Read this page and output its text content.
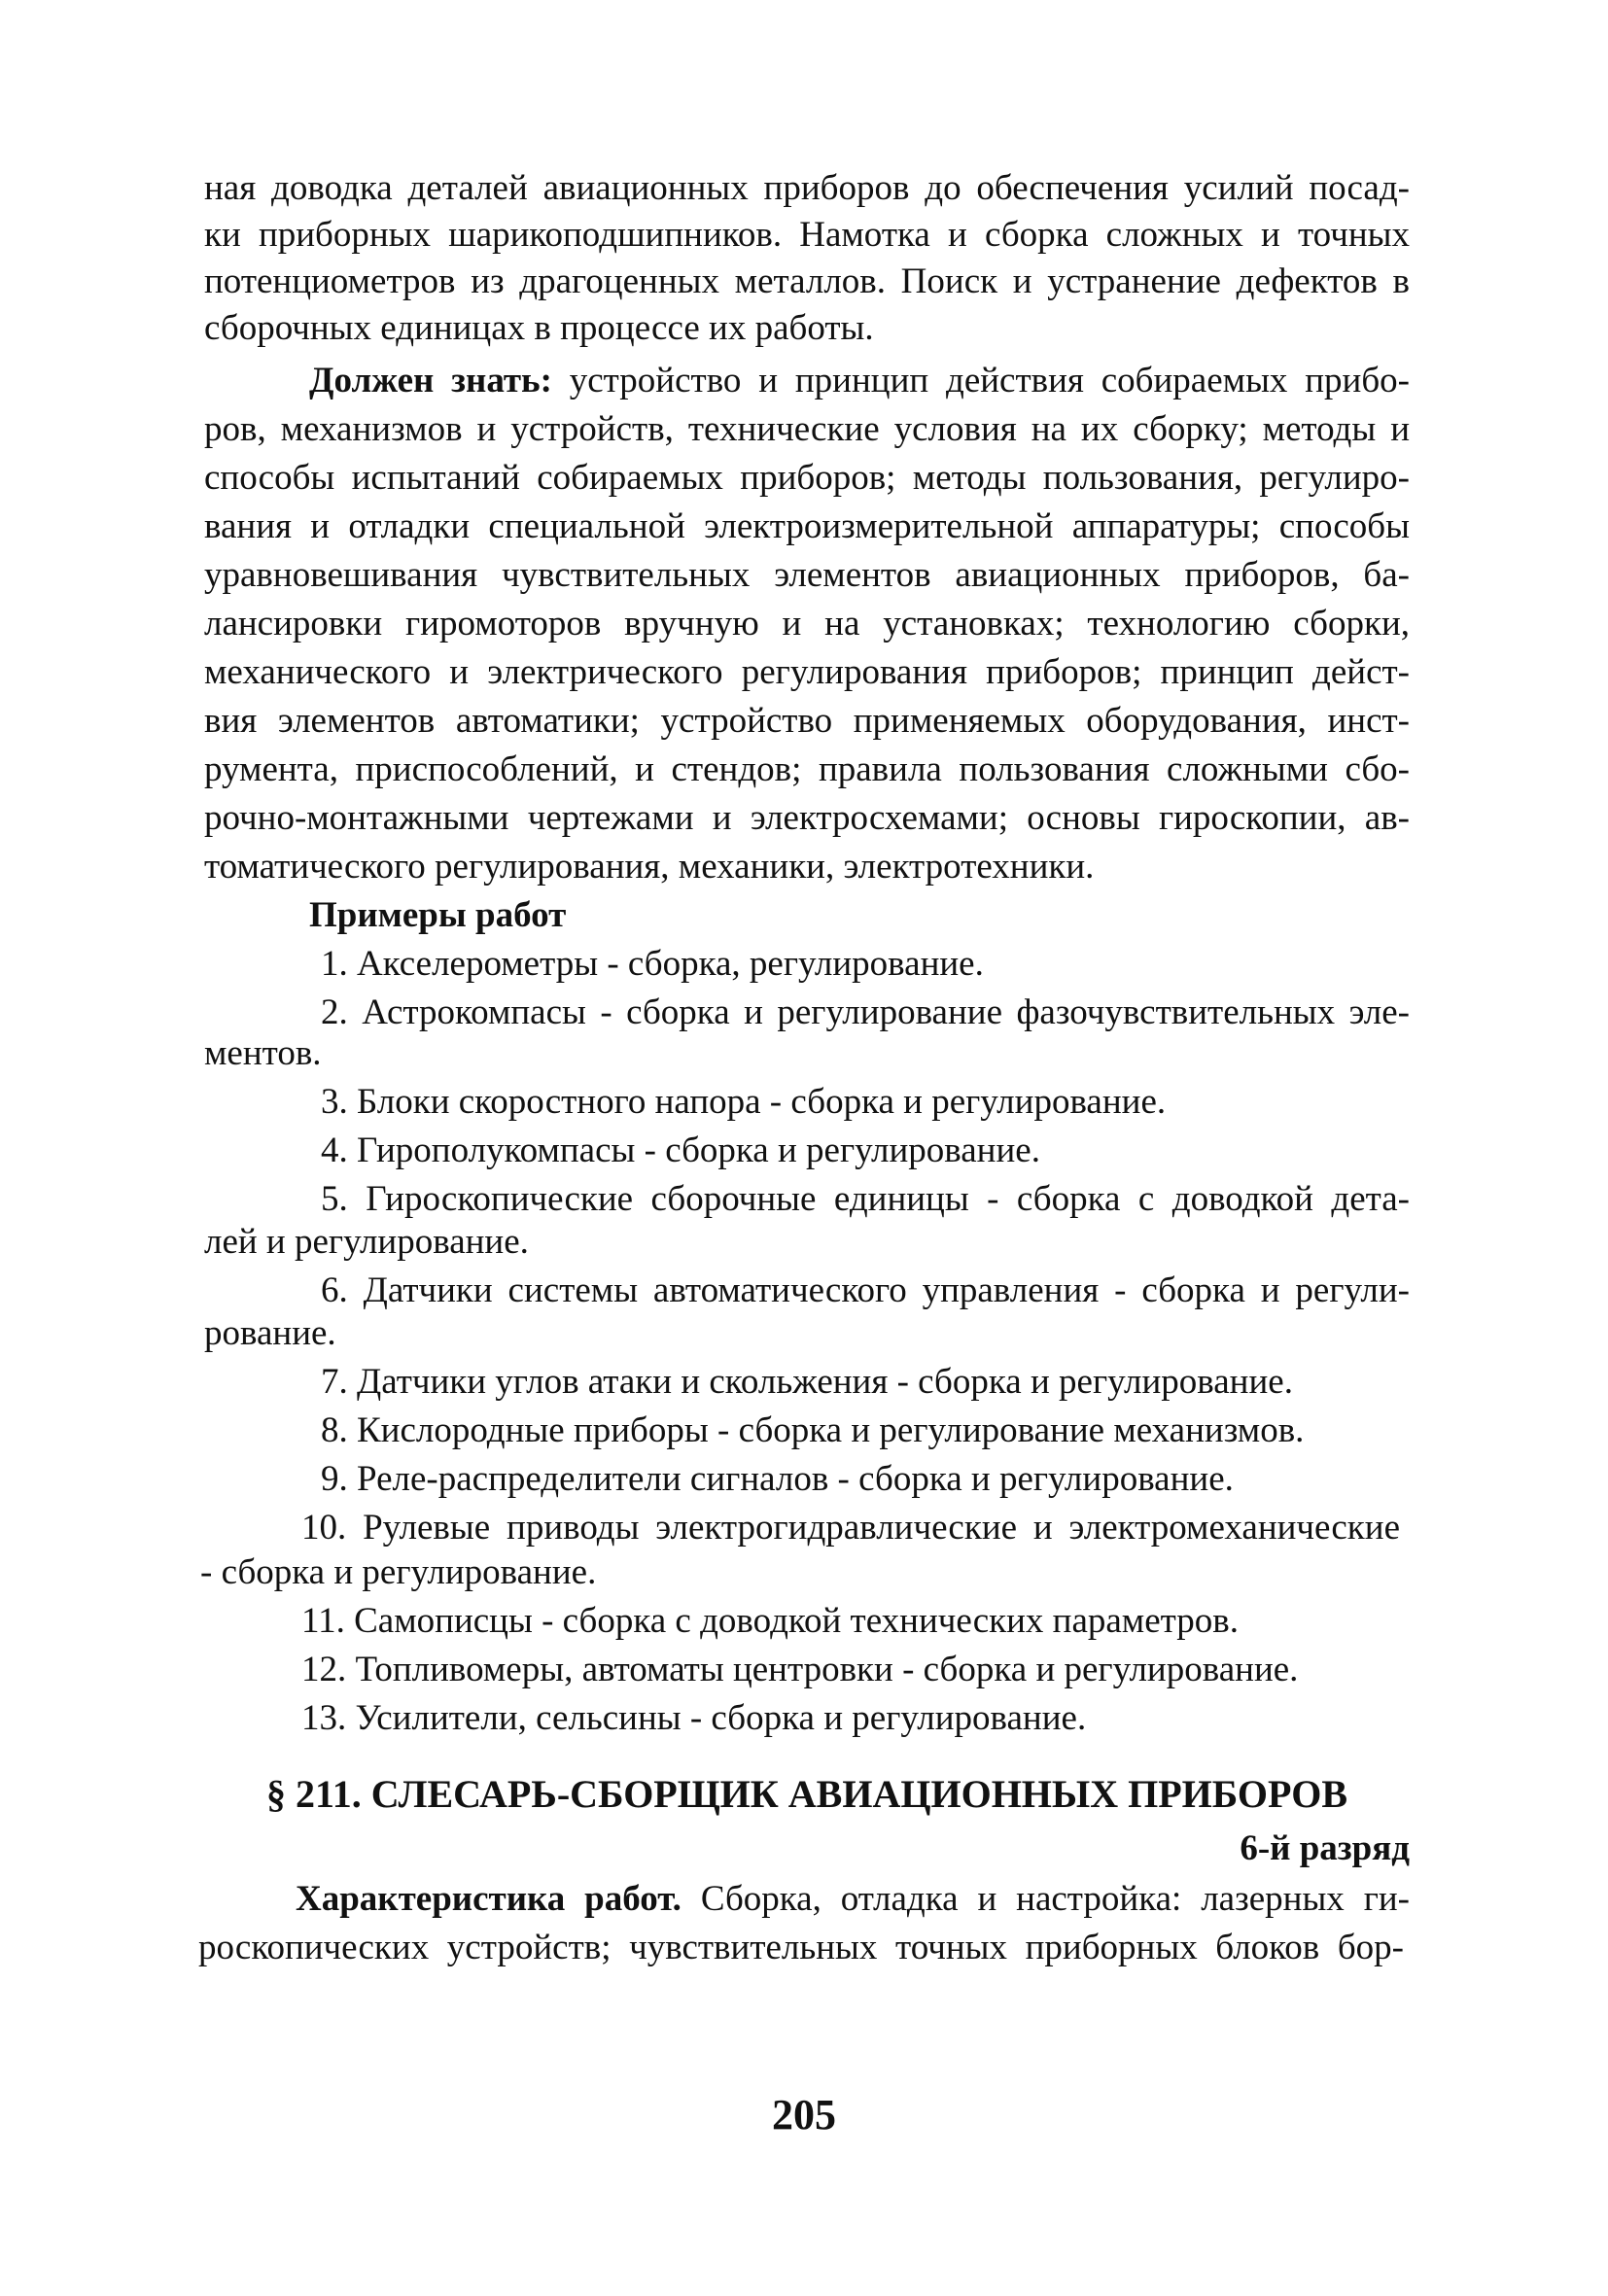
ная доводка деталей авиационных приборов до обеспечения усилий посад-
ки приборных шарикоподшипников. Намотка и сборка сложных и точных
потенциометров из драгоценных металлов. Поиск и устранение дефектов в
сборочных единицах в процессе их работы.
Должен знать: устройство и принцип действия собираемых прибо-
ров, механизмов и устройств, технические условия на их сборку; методы и
способы испытаний собираемых приборов; методы пользования, регулиро-
вания и отладки специальной электроизмерительной аппаратуры; способы
уравновешивания чувствительных элементов авиационных приборов, ба-
лансировки гиромоторов вручную и на установках; технологию сборки,
механического и электрического регулирования приборов; принцип дейст-
вия элементов автоматики; устройство применяемых оборудования, инст-
румента, приспособлений, и стендов; правила пользования сложными сбо-
рочно-монтажными чертежами и электросхемами; основы гироскопии, ав-
томатического регулирования, механики, электротехники.
Примеры работ
1. Акселерометры - сборка, регулирование.
2. Астрокомпасы - сборка и регулирование фазочувствительных эле-
ментов.
3. Блоки скоростного напора - сборка и регулирование.
4. Гирополукомпасы - сборка и регулирование.
5. Гироскопические сборочные единицы - сборка с доводкой дета-
лей и регулирование.
6. Датчики системы автоматического управления - сборка и регули-
рование.
7. Датчики углов атаки и скольжения - сборка и регулирование.
8. Кислородные приборы - сборка и регулирование механизмов.
9. Реле-распределители сигналов - сборка и регулирование.
10. Рулевые приводы электрогидравлические и электромеханические
- сборка и регулирование.
11. Самописцы - сборка с доводкой технических параметров.
12. Топливомеры, автоматы центровки - сборка и регулирование.
13. Усилители, сельсины - сборка и регулирование.
§ 211. СЛЕСАРЬ-СБОРЩИК АВИАЦИОННЫХ ПРИБОРОВ
6-й разряд
Характеристика работ. Сборка, отладка и настройка: лазерных ги-
роскопических устройств; чувствительных точных приборных блоков бор-
205
